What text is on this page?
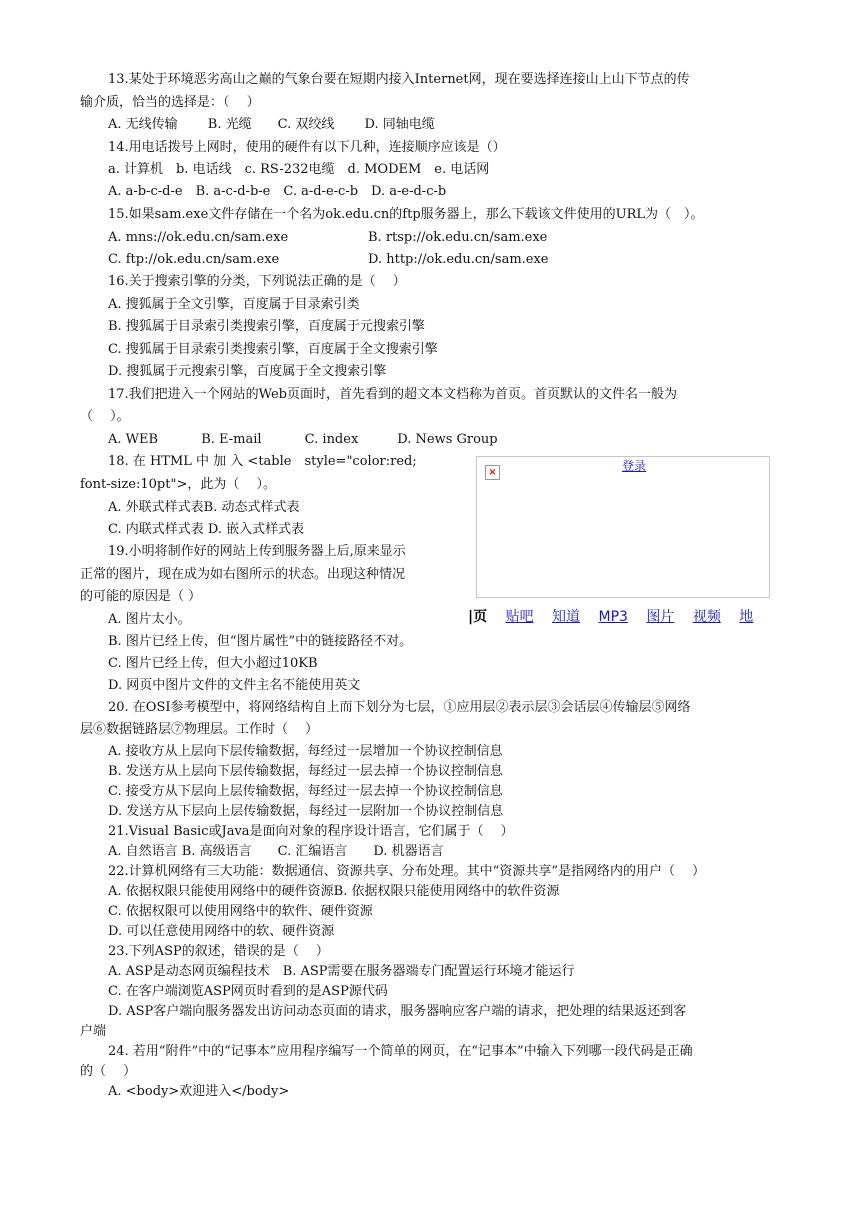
13.某处于环境恶劣高山之巅的气象台要在短期内接入Internet网，现在要选择连接山上山下节点的传
输介质，恰当的选择是：（　 ）
A. 无线传输　　 B. 光缆　　C. 双绞线　　 D. 同轴电缆
14.用电话拨号上网时，使用的硬件有以下几种，连接顺序应该是（）
a. 计算机　b. 电话线　c. RS-232电缆　d. MODEM　e. 电话网
A. a-b-c-d-e　B. a-c-d-b-e　C. a-d-e-c-b　D. a-e-d-c-b
15.如果sam.exe文件存储在一个名为ok.edu.cn的ftp服务器上，那么下载该文件使用的URL为（　）。
A. mns://ok.edu.cn/sam.exe	B. rtsp://ok.edu.cn/sam.exe
C. ftp://ok.edu.cn/sam.exe	D. http://ok.edu.cn/sam.exe
16.关于搜索引擎的分类，下列说法正确的是（　 ）
A. 搜狐属于全文引擎，百度属于目录索引类
B. 搜狐属于目录索引类搜索引擎，百度属于元搜索引擎
C. 搜狐属于目录索引类搜索引擎，百度属于全文搜索引擎
D. 搜狐属于元搜索引擎，百度属于全文搜索引擎
17.我们把进入一个网站的Web页面时，首先看到的超文本文档称为首页。首页默认的文件名一般为
（　 ）。
A. WEB　　　 B. E-mail　　　 C. index　　　D. News Group
18. 在 HTML 中 加 入 <table　style="color:red;
font-size:10pt">，此为（　 ）。
A. 外联式样式表B. 动态式样式表
C. 内联式样式表 D. 嵌入式样式表
19.小明将制作好的网站上传到服务器上后,原来显示
正常的图片，现在成为如右图所示的状态。出现这种情况
的可能的原因是（ ）
A. 图片太小。
B. 图片已经上传，但“图片属性”中的链接路径不对。
C. 图片已经上传，但大小超过10KB
D. 网页中图片文件的文件主名不能使用英文
×	登录
|页 贴吧 知道 MP3 图片 视频 地
20. 在OSI参考模型中，将网络结构自上而下划分为七层，①应用层②表示层③会话层④传输层⑤网络
层⑥数据链路层⑦物理层。工作时（　 ）
A. 接收方从上层向下层传输数据，每经过一层增加一个协议控制信息
B. 发送方从上层向下层传输数据，每经过一层去掉一个协议控制信息
C. 接受方从下层向上层传输数据，每经过一层去掉一个协议控制信息
D. 发送方从下层向上层传输数据，每经过一层附加一个协议控制信息
21.Visual Basic或Java是面向对象的程序设计语言，它们属于（　 ）
A. 自然语言 B. 高级语言　　C. 汇编语言　　D. 机器语言
22.计算机网络有三大功能：数据通信、资源共享、分布处理。其中“资源共享”是指网络内的用户（　 ）
A. 依据权限只能使用网络中的硬件资源B. 依据权限只能使用网络中的软件资源
C. 依据权限可以使用网络中的软件、硬件资源
D. 可以任意使用网络中的软、硬件资源
23.下列ASP的叙述，错误的是（　 ）
A. ASP是动态网页编程技术　B. ASP需要在服务器端专门配置运行环境才能运行
C. 在客户端浏览ASP网页时看到的是ASP源代码
D. ASP客户端向服务器发出访问动态页面的请求，服务器响应客户端的请求，把处理的结果返还到客
户端
24. 若用“附件”中的“记事本”应用程序编写一个简单的网页，在“记事本”中输入下列哪一段代码是正确
的（　 ）
A. <body>欢迎进入</body>
